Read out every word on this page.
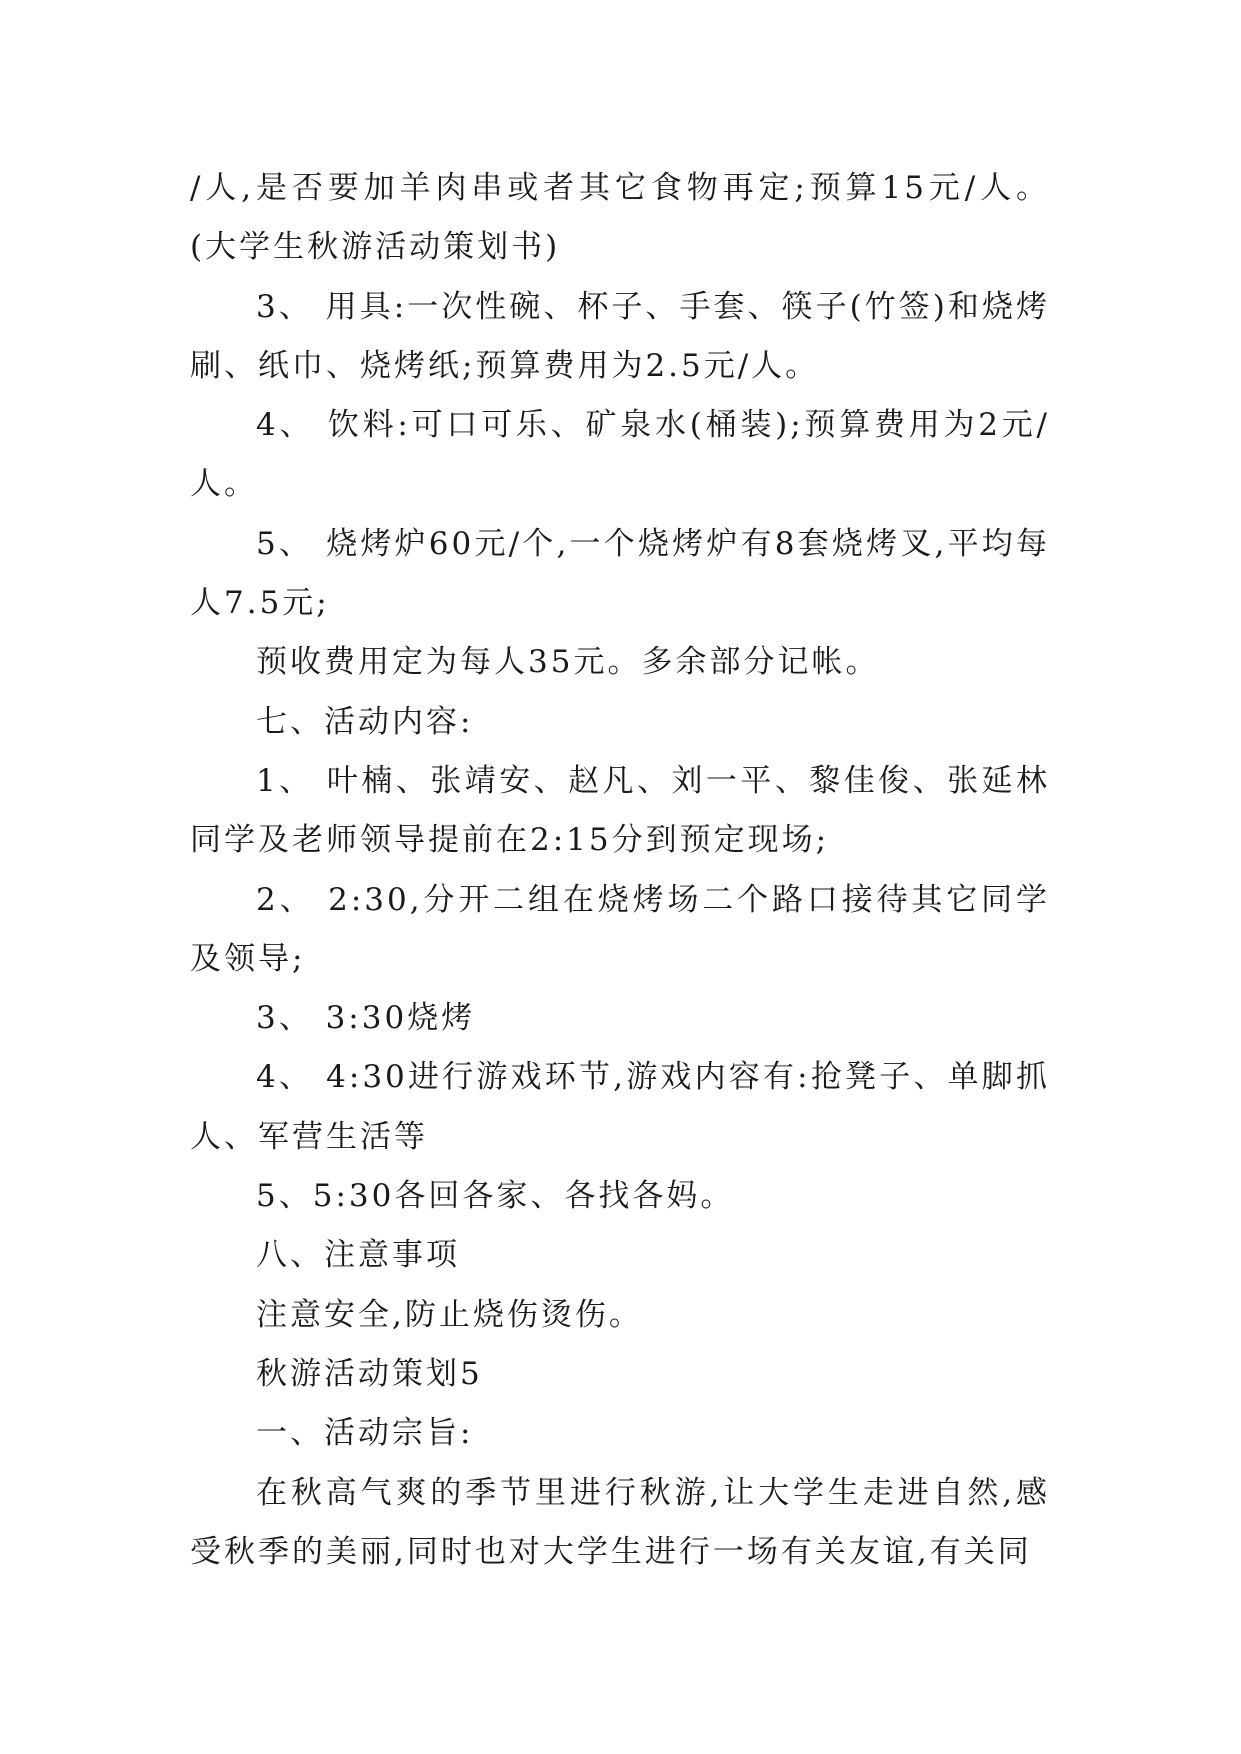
/人,是否要加羊肉串或者其它食物再定;预算15元/人。(大学生秋游活动策划书)

3、 用具:一次性碗、杯子、手套、筷子(竹签)和烧烤刷、纸巾、烧烤纸;预算费用为2.5元/人。

4、 饮料:可口可乐、矿泉水(桶装);预算费用为2元/人。

5、 烧烤炉60元/个,一个烧烤炉有8套烧烤叉,平均每人7.5元;

预收费用定为每人35元。多余部分记帐。

七、活动内容:

1、 叶楠、张靖安、赵凡、刘一平、黎佳俊、张延林同学及老师领导提前在2:15分到预定现场;

2、 2:30,分开二组在烧烤场二个路口接待其它同学及领导;

3、 3:30烧烤

4、 4:30进行游戏环节,游戏内容有:抢凳子、单脚抓人、军营生活等

5、5:30各回各家、各找各妈。

八、注意事项

注意安全,防止烧伤烫伤。

秋游活动策划5

一、活动宗旨:

在秋高气爽的季节里进行秋游,让大学生走进自然,感受秋季的美丽,同时也对大学生进行一场有关友谊,有关同
